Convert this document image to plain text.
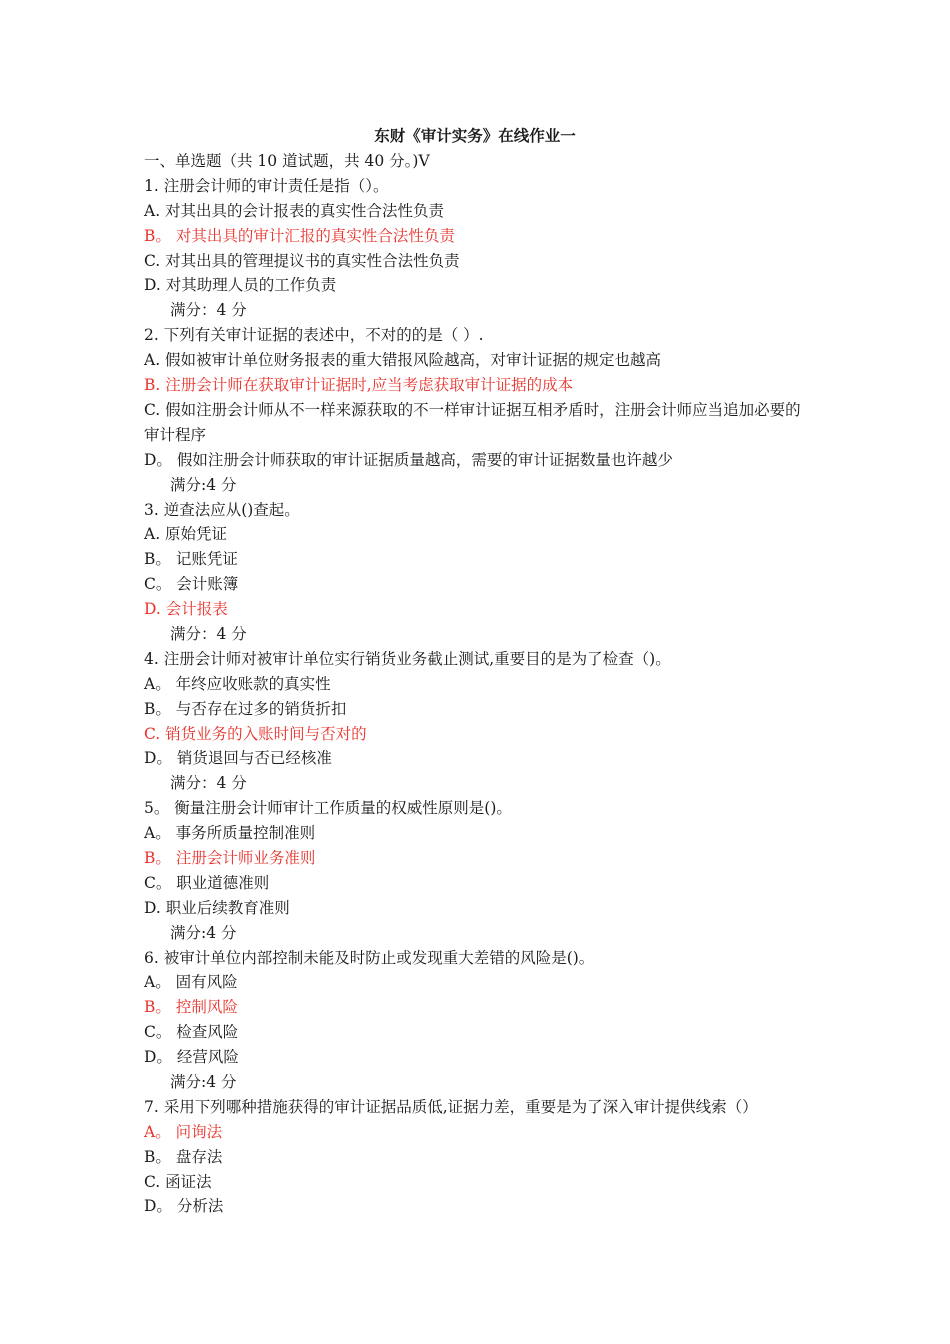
东财《审计实务》在线作业一
一、单选题（共 10 道试题，共 40 分。)V
1. 注册会计师的审计责任是指（）。
A. 对其出具的会计报表的真实性合法性负责
B。 对其出具的审计汇报的真实性合法性负责
C. 对其出具的管理提议书的真实性合法性负责
D. 对其助理人员的工作负责
满分：4 分
2. 下列有关审计证据的表述中，不对的的是（ ）.
A. 假如被审计单位财务报表的重大错报风险越高，对审计证据的规定也越高
B. 注册会计师在获取审计证据时,应当考虑获取审计证据的成本
C. 假如注册会计师从不一样来源获取的不一样审计证据互相矛盾时，注册会计师应当追加必要的审计程序
D。 假如注册会计师获取的审计证据质量越高，需要的审计证据数量也许越少
满分:4 分
3. 逆查法应从()查起。
A. 原始凭证
B。 记账凭证
C。 会计账簿
D. 会计报表
满分：4 分
4. 注册会计师对被审计单位实行销货业务截止测试,重要目的是为了检查（)。
A。 年终应收账款的真实性
B。 与否存在过多的销货折扣
C. 销货业务的入账时间与否对的
D。 销货退回与否已经核准
满分：4 分
5。 衡量注册会计师审计工作质量的权威性原则是()。
A。 事务所质量控制准则
B。 注册会计师业务准则
C。 职业道德准则
D. 职业后续教育准则
满分:4 分
6. 被审计单位内部控制未能及时防止或发现重大差错的风险是()。
A。 固有风险
B。 控制风险
C。 检查风险
D。 经营风险
满分:4 分
7. 采用下列哪种措施获得的审计证据品质低,证据力差，重要是为了深入审计提供线索（）
A。 问询法
B。 盘存法
C. 函证法
D。 分析法
